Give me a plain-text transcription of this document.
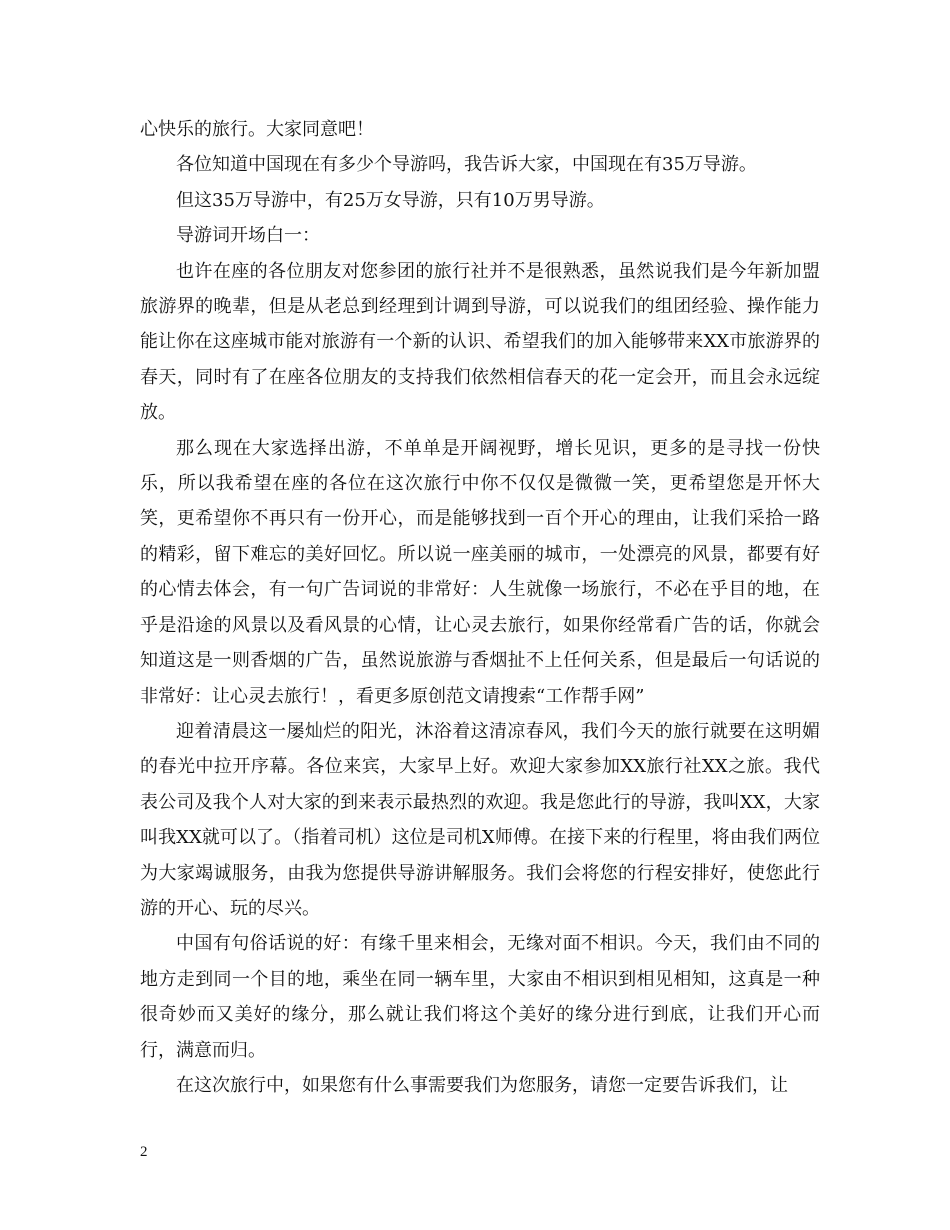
心快乐的旅行。大家同意吧！

各位知道中国现在有多少个导游吗，我告诉大家，中国现在有35万导游。

但这35万导游中，有25万女导游，只有10万男导游。

导游词开场白一：

也许在座的各位朋友对您参团的旅行社并不是很熟悉，虽然说我们是今年新加盟旅游界的晚辈，但是从老总到经理到计调到导游，可以说我们的组团经验、操作能力能让你在这座城市能对旅游有一个新的认识、希望我们的加入能够带来XX市旅游界的春天，同时有了在座各位朋友的支持我们依然相信春天的花一定会开，而且会永远绽放。

那么现在大家选择出游，不单单是开阔视野，增长见识，更多的是寻找一份快乐，所以我希望在座的各位在这次旅行中你不仅仅是微微一笑，更希望您是开怀大笑，更希望你不再只有一份开心，而是能够找到一百个开心的理由，让我们采拾一路的精彩，留下难忘的美好回忆。所以说一座美丽的城市，一处漂亮的风景，都要有好的心情去体会，有一句广告词说的非常好：人生就像一场旅行，不必在乎目的地，在乎是沿途的风景以及看风景的心情，让心灵去旅行，如果你经常看广告的话，你就会知道这是一则香烟的广告，虽然说旅游与香烟扯不上任何关系，但是最后一句话说的非常好：让心灵去旅行！，看更多原创范文请搜索“工作帮手网”

迎着清晨这一屡灿烂的阳光，沐浴着这清凉春风，我们今天的旅行就要在这明媚的春光中拉开序幕。各位来宾，大家早上好。欢迎大家参加XX旅行社XX之旅。我代表公司及我个人对大家的到来表示最热烈的欢迎。我是您此行的导游，我叫XX，大家叫我XX就可以了。（指着司机）这位是司机X师傅。在接下来的行程里，将由我们两位为大家竭诚服务，由我为您提供导游讲解服务。我们会将您的行程安排好，使您此行游的开心、玩的尽兴。

中国有句俗话说的好：有缘千里来相会，无缘对面不相识。今天，我们由不同的地方走到同一个目的地，乘坐在同一辆车里，大家由不相识到相见相知，这真是一种很奇妙而又美好的缘分，那么就让我们将这个美好的缘分进行到底，让我们开心而行，满意而归。

在这次旅行中，如果您有什么事需要我们为您服务，请您一定要告诉我们，让

2
